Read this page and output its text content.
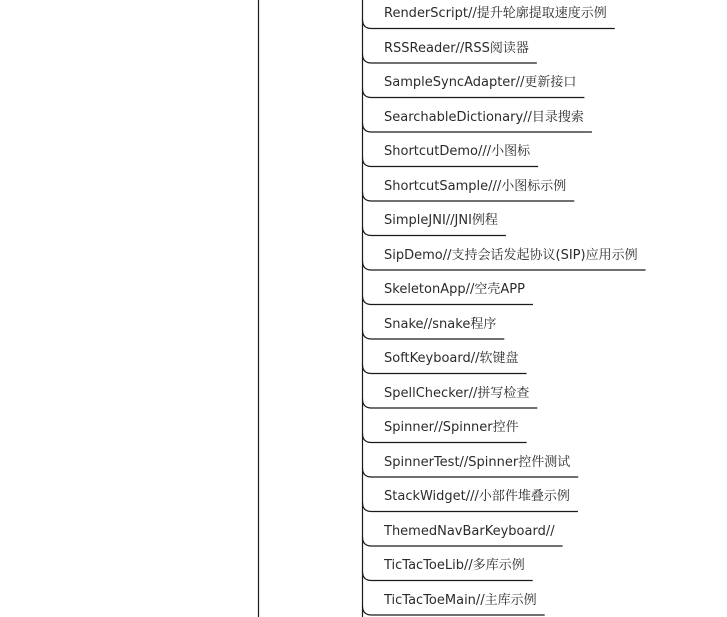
RenderScript//提升轮廓提取速度示例
RSSReader//RSS阅读器
SampleSyncAdapter//更新接口
SearchableDictionary//目录搜索
ShortcutDemo///小图标
ShortcutSample///小图标示例
SimpleJNI//JNI例程
SipDemo//支持会话发起协议(SIP)应用示例
SkeletonApp//空壳APP
Snake//snake程序
SoftKeyboard//软键盘
SpellChecker//拼写检查
Spinner//Spinner控件
SpinnerTest//Spinner控件测试
StackWidget///小部件堆叠示例
ThemedNavBarKeyboard//
TicTacToeLib//多库示例
TicTacToeMain//主库示例
